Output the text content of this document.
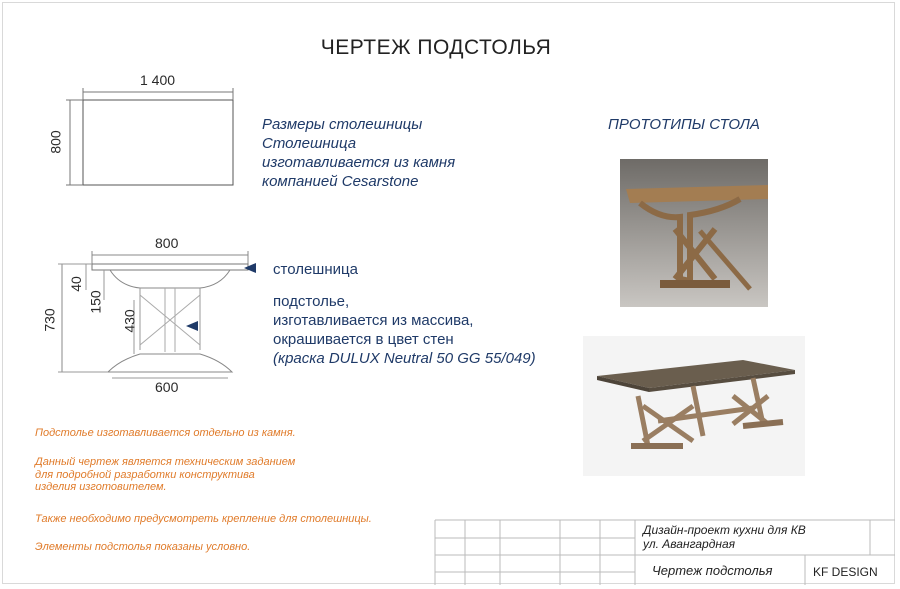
ЧЕРТЕЖ ПОДСТОЛЬЯ
1 400
800
Размеры столешницы
Столешница
изготавливается из камня
компанией Cesarstone
800
600
730
40
150
430
столешница
подстолье,
изготавливается из массива,
окрашивается в цвет стен
(краска DULUX Neutral 50 GG 55/049)
ПРОТОТИПЫ СТОЛА
Подстолье изготавливается отдельно из камня.
Данный чертеж является техническим заданием
для подробной разработки конструктива
изделия изготовителем.
Также необходимо предусмотреть крепление для столешницы.
Элементы подстолья показаны условно.
Дизайн-проект кухни для КВ
ул. Авангардная
Чертеж подстолья	KF DESIGN
